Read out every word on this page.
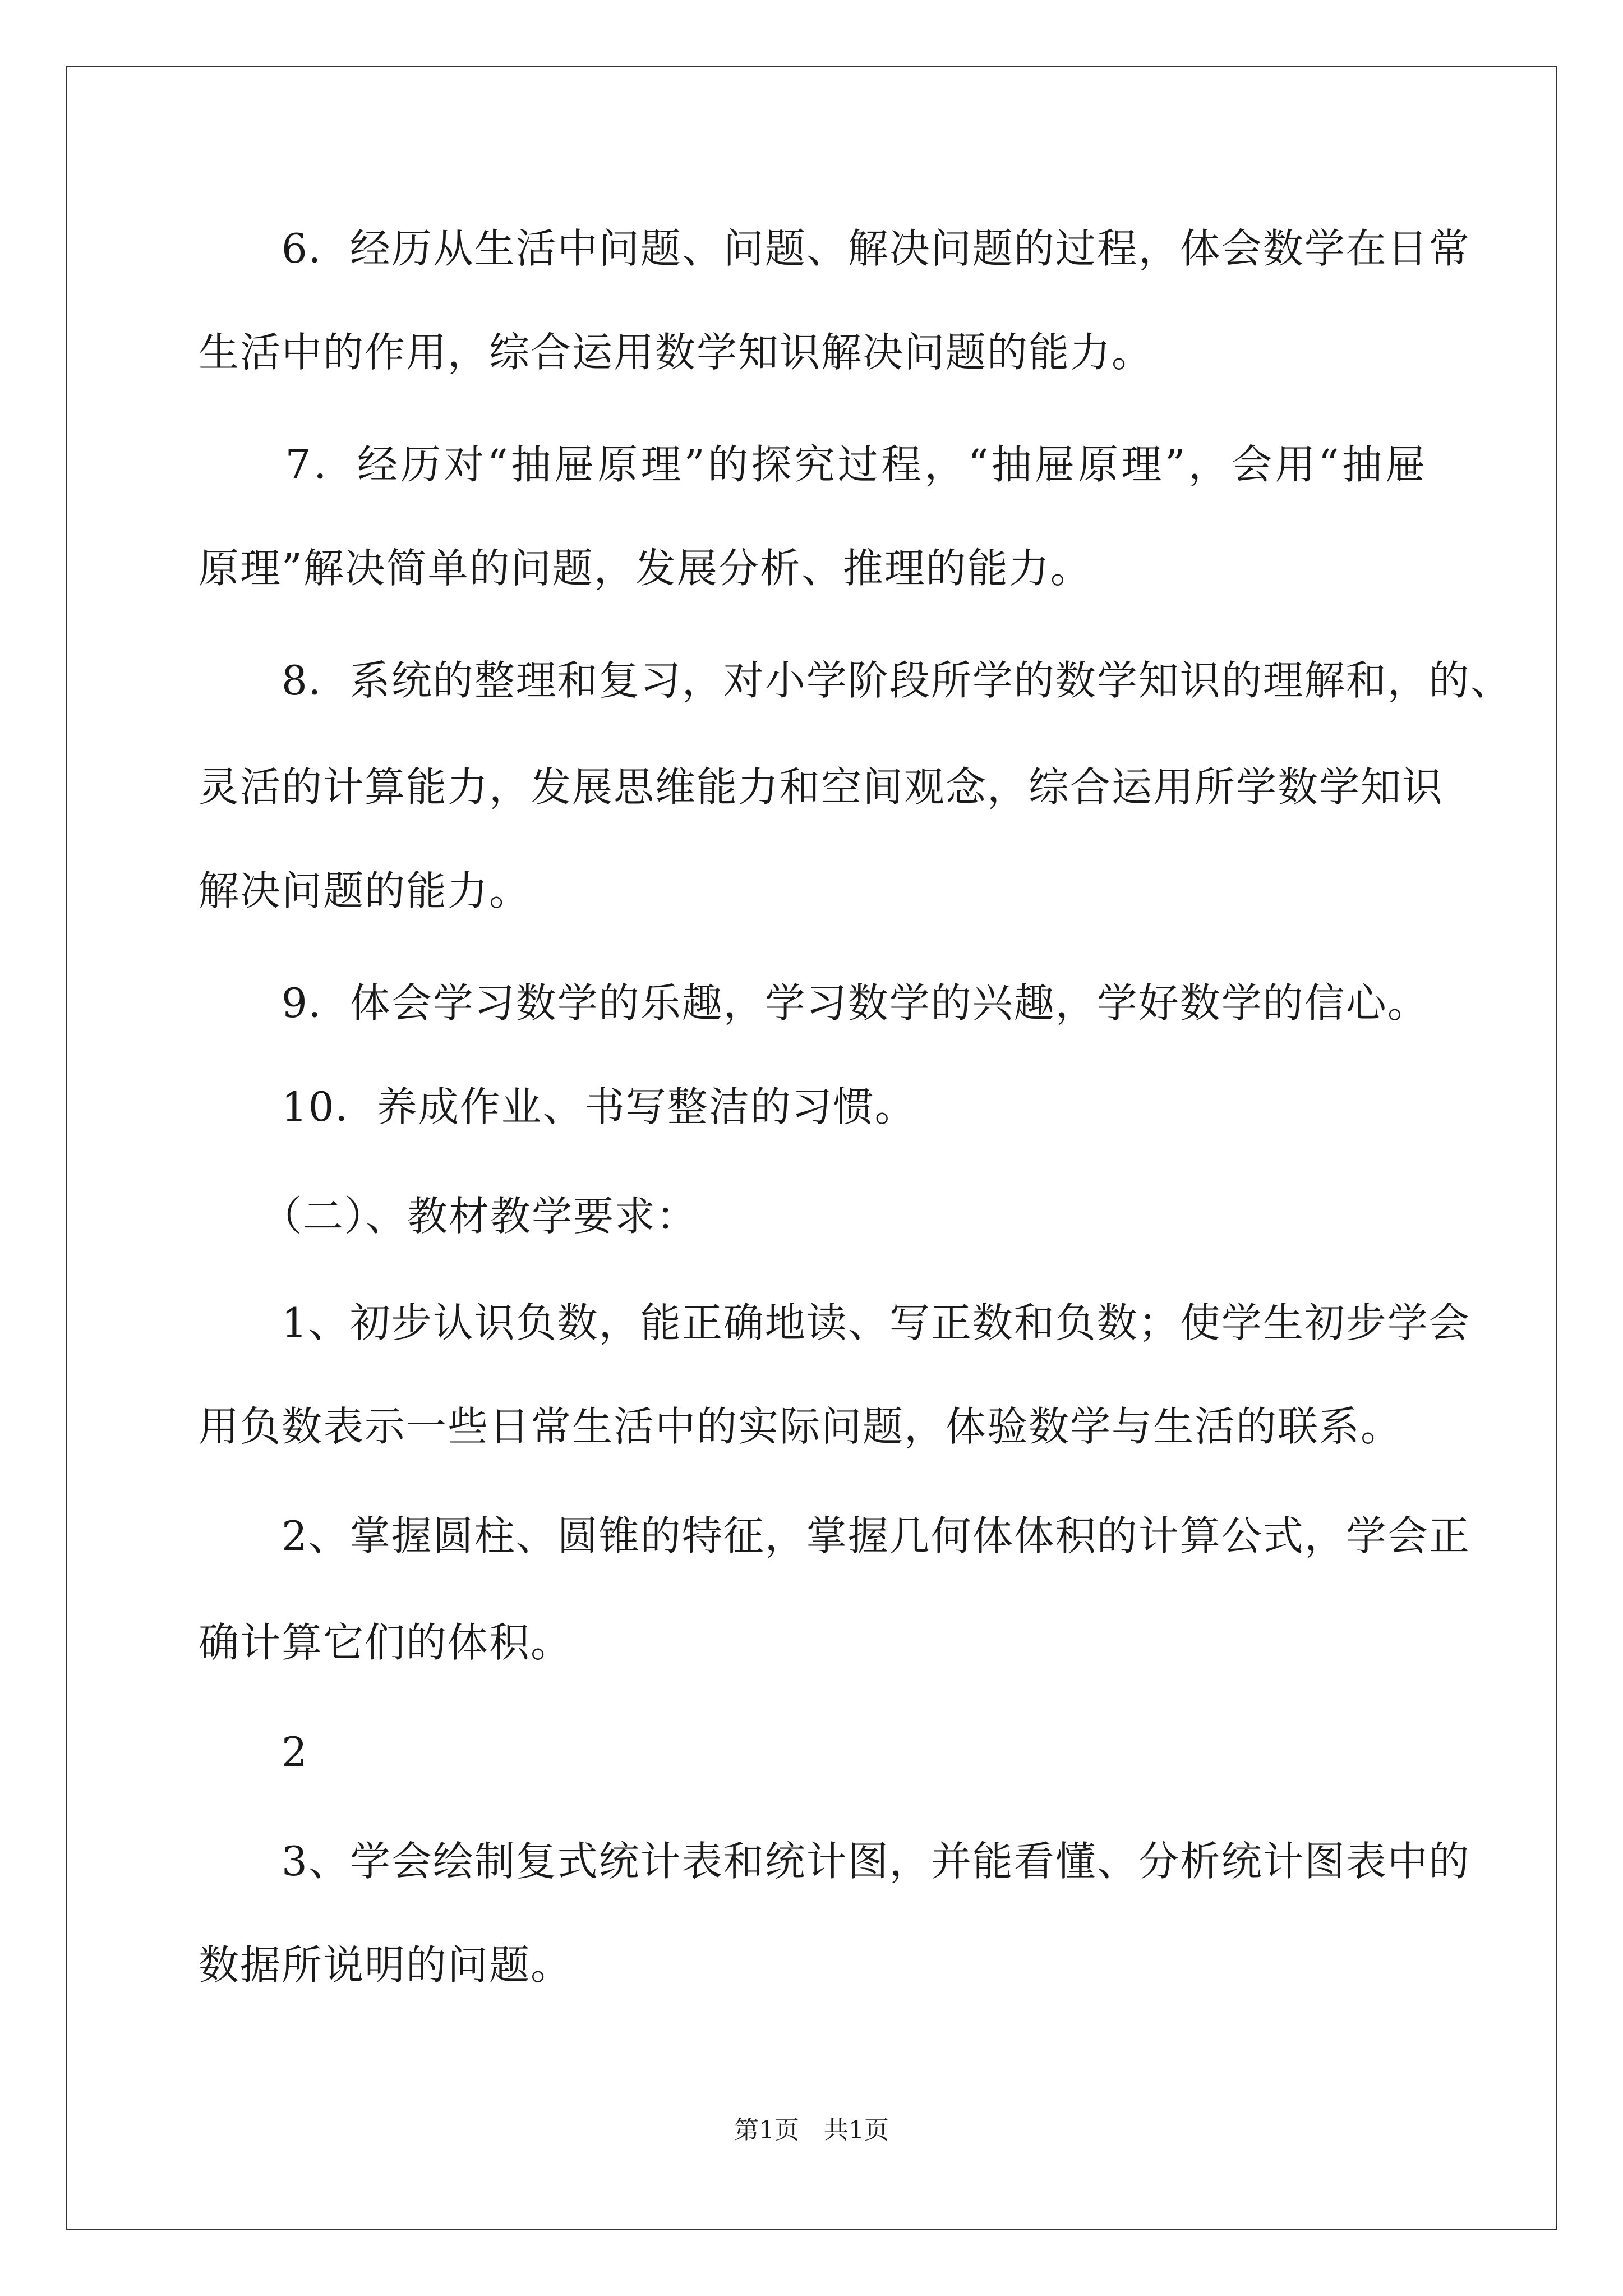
　　6．经历从生活中问题、问题、解决问题的过程，体会数学在日常
生活中的作用，综合运用数学知识解决问题的能力。
　　7．经历对“抽屉原理”的探究过程，“抽屉原理”，会用“抽屉
原理”解决简单的问题，发展分析、推理的能力。
　　8．系统的整理和复习，对小学阶段所学的数学知识的理解和，的、
灵活的计算能力，发展思维能力和空间观念，综合运用所学数学知识
解决问题的能力。
　　9．体会学习数学的乐趣，学习数学的兴趣，学好数学的信心。
　　10．养成作业、书写整洁的习惯。
　　（二）、教材教学要求：
　　1、初步认识负数，能正确地读、写正数和负数；使学生初步学会
用负数表示一些日常生活中的实际问题，体验数学与生活的联系。
　　2、掌握圆柱、圆锥的特征，掌握几何体体积的计算公式，学会正
确计算它们的体积。
　　2
　　3、学会绘制复式统计表和统计图，并能看懂、分析统计图表中的
数据所说明的问题。
第1页　共1页
